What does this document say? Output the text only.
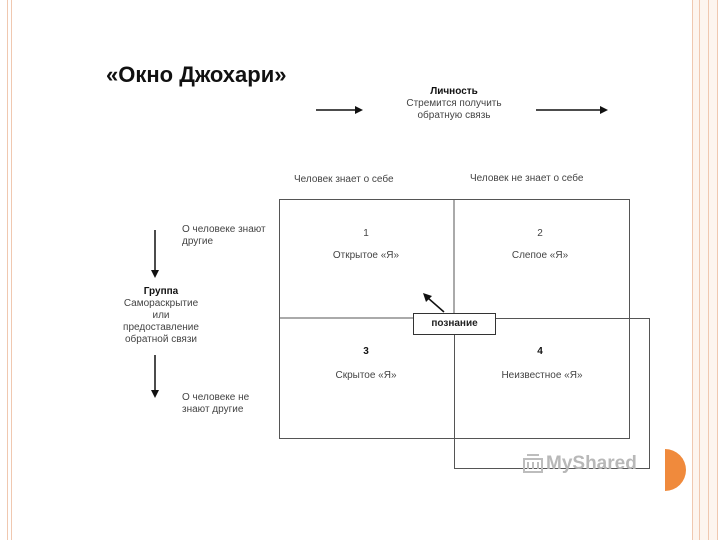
«Окно Джохари»
Личность
Стремится получить
обратную связь
Человек знает о себе	Человек не знает о себе
О человеке знают
другие
О человеке не
знают другие
Группа
Самораскрытие
или
предоставление
обратной связи
1
Открытое «Я»
2
Слепое «Я»
3
Скрытое «Я»
4
Неизвестное «Я»
познание
MyShared
